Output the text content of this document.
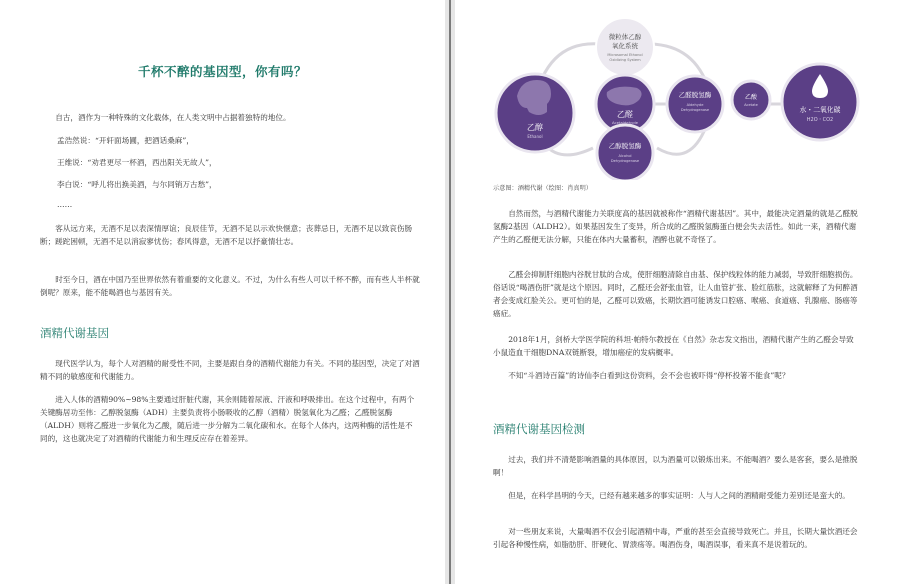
千杯不醉的基因型，你有吗？

自古，酒作为一种特殊的文化载体，在人类文明中占据着独特的地位。

孟浩然说：“开轩面场圃，把酒话桑麻”，

王维说：“劝君更尽一杯酒，西出阳关无故人”，

李白说：“呼儿将出换美酒，与尔同销万古愁”，

……

客从远方来，无酒不足以表深情厚谊；良辰佳节，无酒不足以示欢快惬意；丧葬忌日，无酒不足以致哀伤肠断；蹉跎困顿，无酒不足以消寂寥忧伤；春风得意，无酒不足以抒豪情壮志。

时至今日，酒在中国乃至世界依然有着重要的文化意义。不过，为什么有些人可以千杯不醉，而有些人半杯就倒呢？原来，能不能喝酒也与基因有关。

酒精代谢基因

现代医学认为，每个人对酒精的耐受性不同，主要是跟自身的酒精代谢能力有关。不同的基因型，决定了对酒精不同的敏感度和代谢能力。

进入人体的酒精90%~98%主要通过肝脏代谢，其余则随着尿液、汗液和呼吸排出。在这个过程中，有两个关键酶居功至伟：乙醇脱氢酶（ADH）主要负责将小肠吸收的乙醇（酒精）脱氢氧化为乙醛；乙醛脱氢酶（ALDH）则将乙醛进一步氧化为乙酸，随后进一步分解为二氧化碳和水。在每个人体内，这两种酶的活性是不同的，这也就决定了对酒精的代谢能力和生理反应存在着差异。

微粒体乙醇
氧化系统
Microsomal Ethanol
Oxidizing System
乙醇
Ethanol
乙醛
Acetaldehyde
乙醛脱氢酶
Aldehyde
Dehydrogenase
乙酸
Acetate
水・二氧化碳
H2O・CO2
乙醇脱氢酶
Alcohol
Dehydrogenase
示意图：酒精代谢（绘图：肖真明）

自然而然，与酒精代谢能力关联度高的基因就被称作“酒精代谢基因”。其中，最能决定酒量的就是乙醛脱氢酶2基因（ALDH2）。如果基因发生了变异，所合成的乙醛脱氢酶蛋白便会失去活性。如此一来，酒精代谢产生的乙醛便无法分解，只能在体内大量蓄积，酒醉也就不奇怪了。

乙醛会抑制肝细胞内谷胱甘肽的合成，使肝细胞清除自由基、保护线粒体的能力减弱，导致肝细胞损伤。俗话说“喝酒伤肝”就是这个原因。同时，乙醛还会舒张血管，让人血管扩张、脸红筋胀，这就解释了为何醉酒者会变成红脸关公。更可怕的是，乙醛可以致癌，长期饮酒可能诱发口腔癌、喉癌、食道癌、乳腺癌、肠癌等癌症。

2018年1月，剑桥大学医学院的科坦·帕特尔教授在《自然》杂志发文指出，酒精代谢产生的乙醛会导致小鼠造血干细胞DNA双链断裂，增加癌症的发病概率。

不知“斗酒诗百篇”的诗仙李白看到这份资料，会不会也被吓得“停杯投箸不能食”呢？

酒精代谢基因检测

过去，我们并不清楚影响酒量的具体原因，以为酒量可以锻炼出来。不能喝酒？要么是客套，要么是推脱啊！

但是，在科学昌明的今天，已经有越来越多的事实证明：人与人之间的酒精耐受能力差别还是蛮大的。

对一些朋友来说，大量喝酒不仅会引起酒精中毒，严重的甚至会直接导致死亡。并且，长期大量饮酒还会引起各种慢性病，如脂肪肝、肝硬化、胃溃疡等。喝酒伤身，喝酒误事，看来真不是说着玩的。
